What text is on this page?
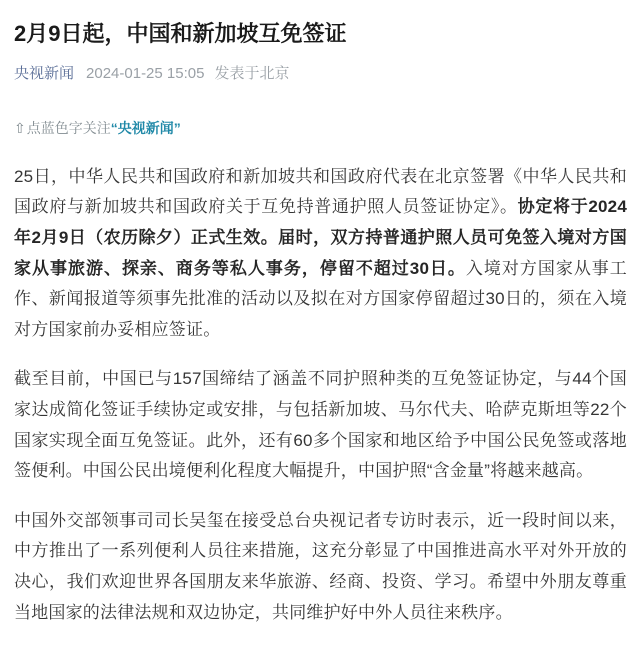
2月9日起，中国和新加坡互免签证
央视新闻 2024-01-25 15:05 发表于北京
⇧点蓝色字关注“央视新闻”

25日，中华人民共和国政府和新加坡共和国政府代表在北京签署《中华人民共和国政府与新加坡共和国政府关于互免持普通护照人员签证协定》。协定将于2024年2月9日（农历除夕）正式生效。届时，双方持普通护照人员可免签入境对方国家从事旅游、探亲、商务等私人事务，停留不超过30日。入境对方国家从事工作、新闻报道等须事先批准的活动以及拟在对方国家停留超过30日的，须在入境对方国家前办妥相应签证。

截至目前，中国已与157国缔结了涵盖不同护照种类的互免签证协定，与44个国家达成简化签证手续协定或安排，与包括新加坡、马尔代夫、哈萨克斯坦等22个国家实现全面互免签证。此外，还有60多个国家和地区给予中国公民免签或落地签便利。中国公民出境便利化程度大幅提升，中国护照“含金量”将越来越高。

中国外交部领事司司长吴玺在接受总台央视记者专访时表示，近一段时间以来，中方推出了一系列便利人员往来措施，这充分彰显了中国推进高水平对外开放的决心，我们欢迎世界各国朋友来华旅游、经商、投资、学习。希望中外朋友尊重当地国家的法律法规和双边协定，共同维护好中外人员往来秩序。
